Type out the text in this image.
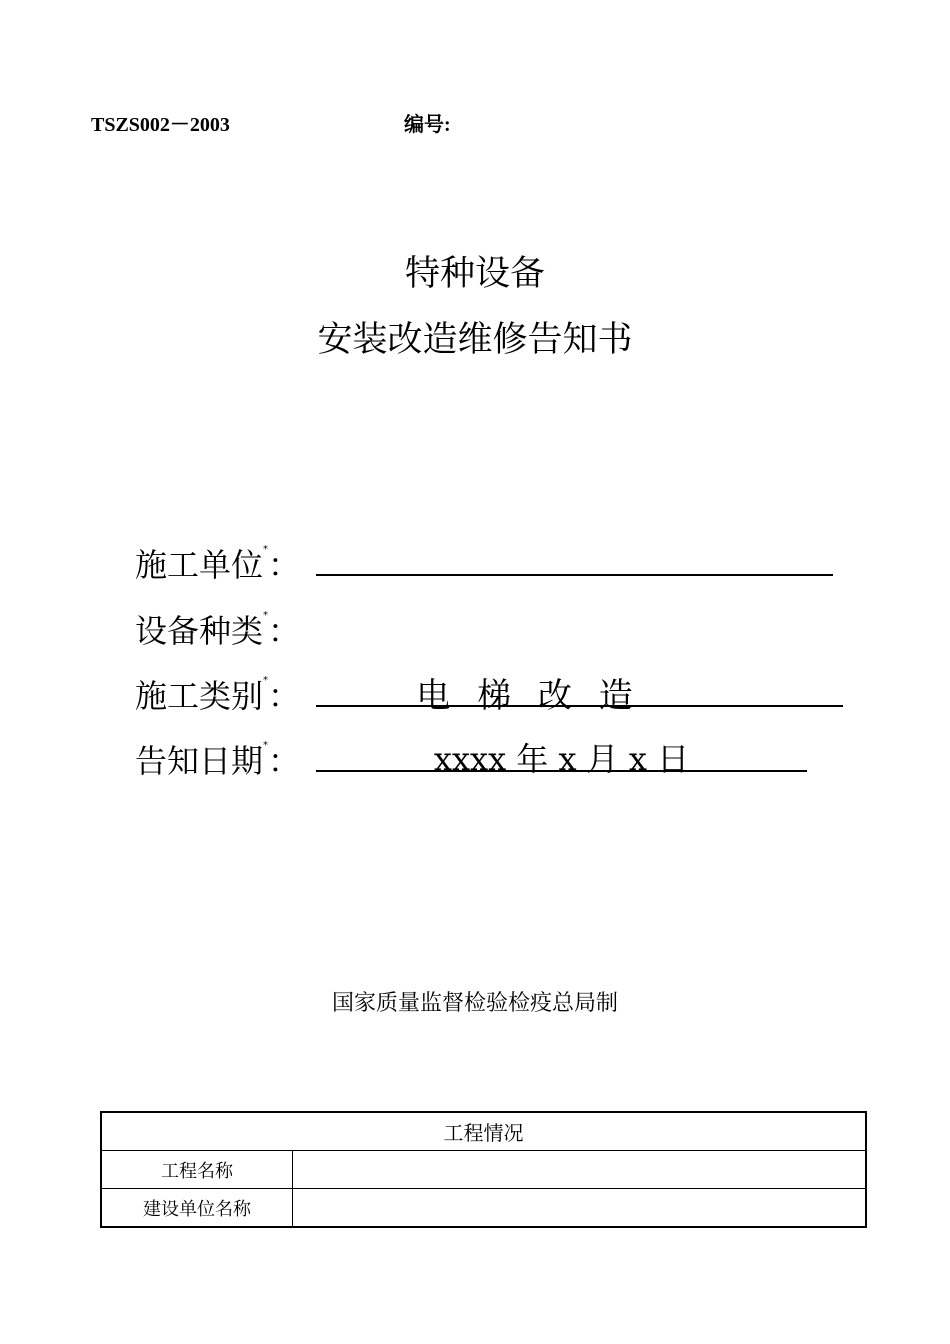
TSZS002－2003	编号:
特种设备
安装改造维修告知书
施工单位*：
设备种类*：
施工类别*：	电 梯 改 造
告知日期*：	xxxx 年 x 月 x 日
国家质量监督检验检疫总局制
工程情况	
工程名称	
建设单位名称	
